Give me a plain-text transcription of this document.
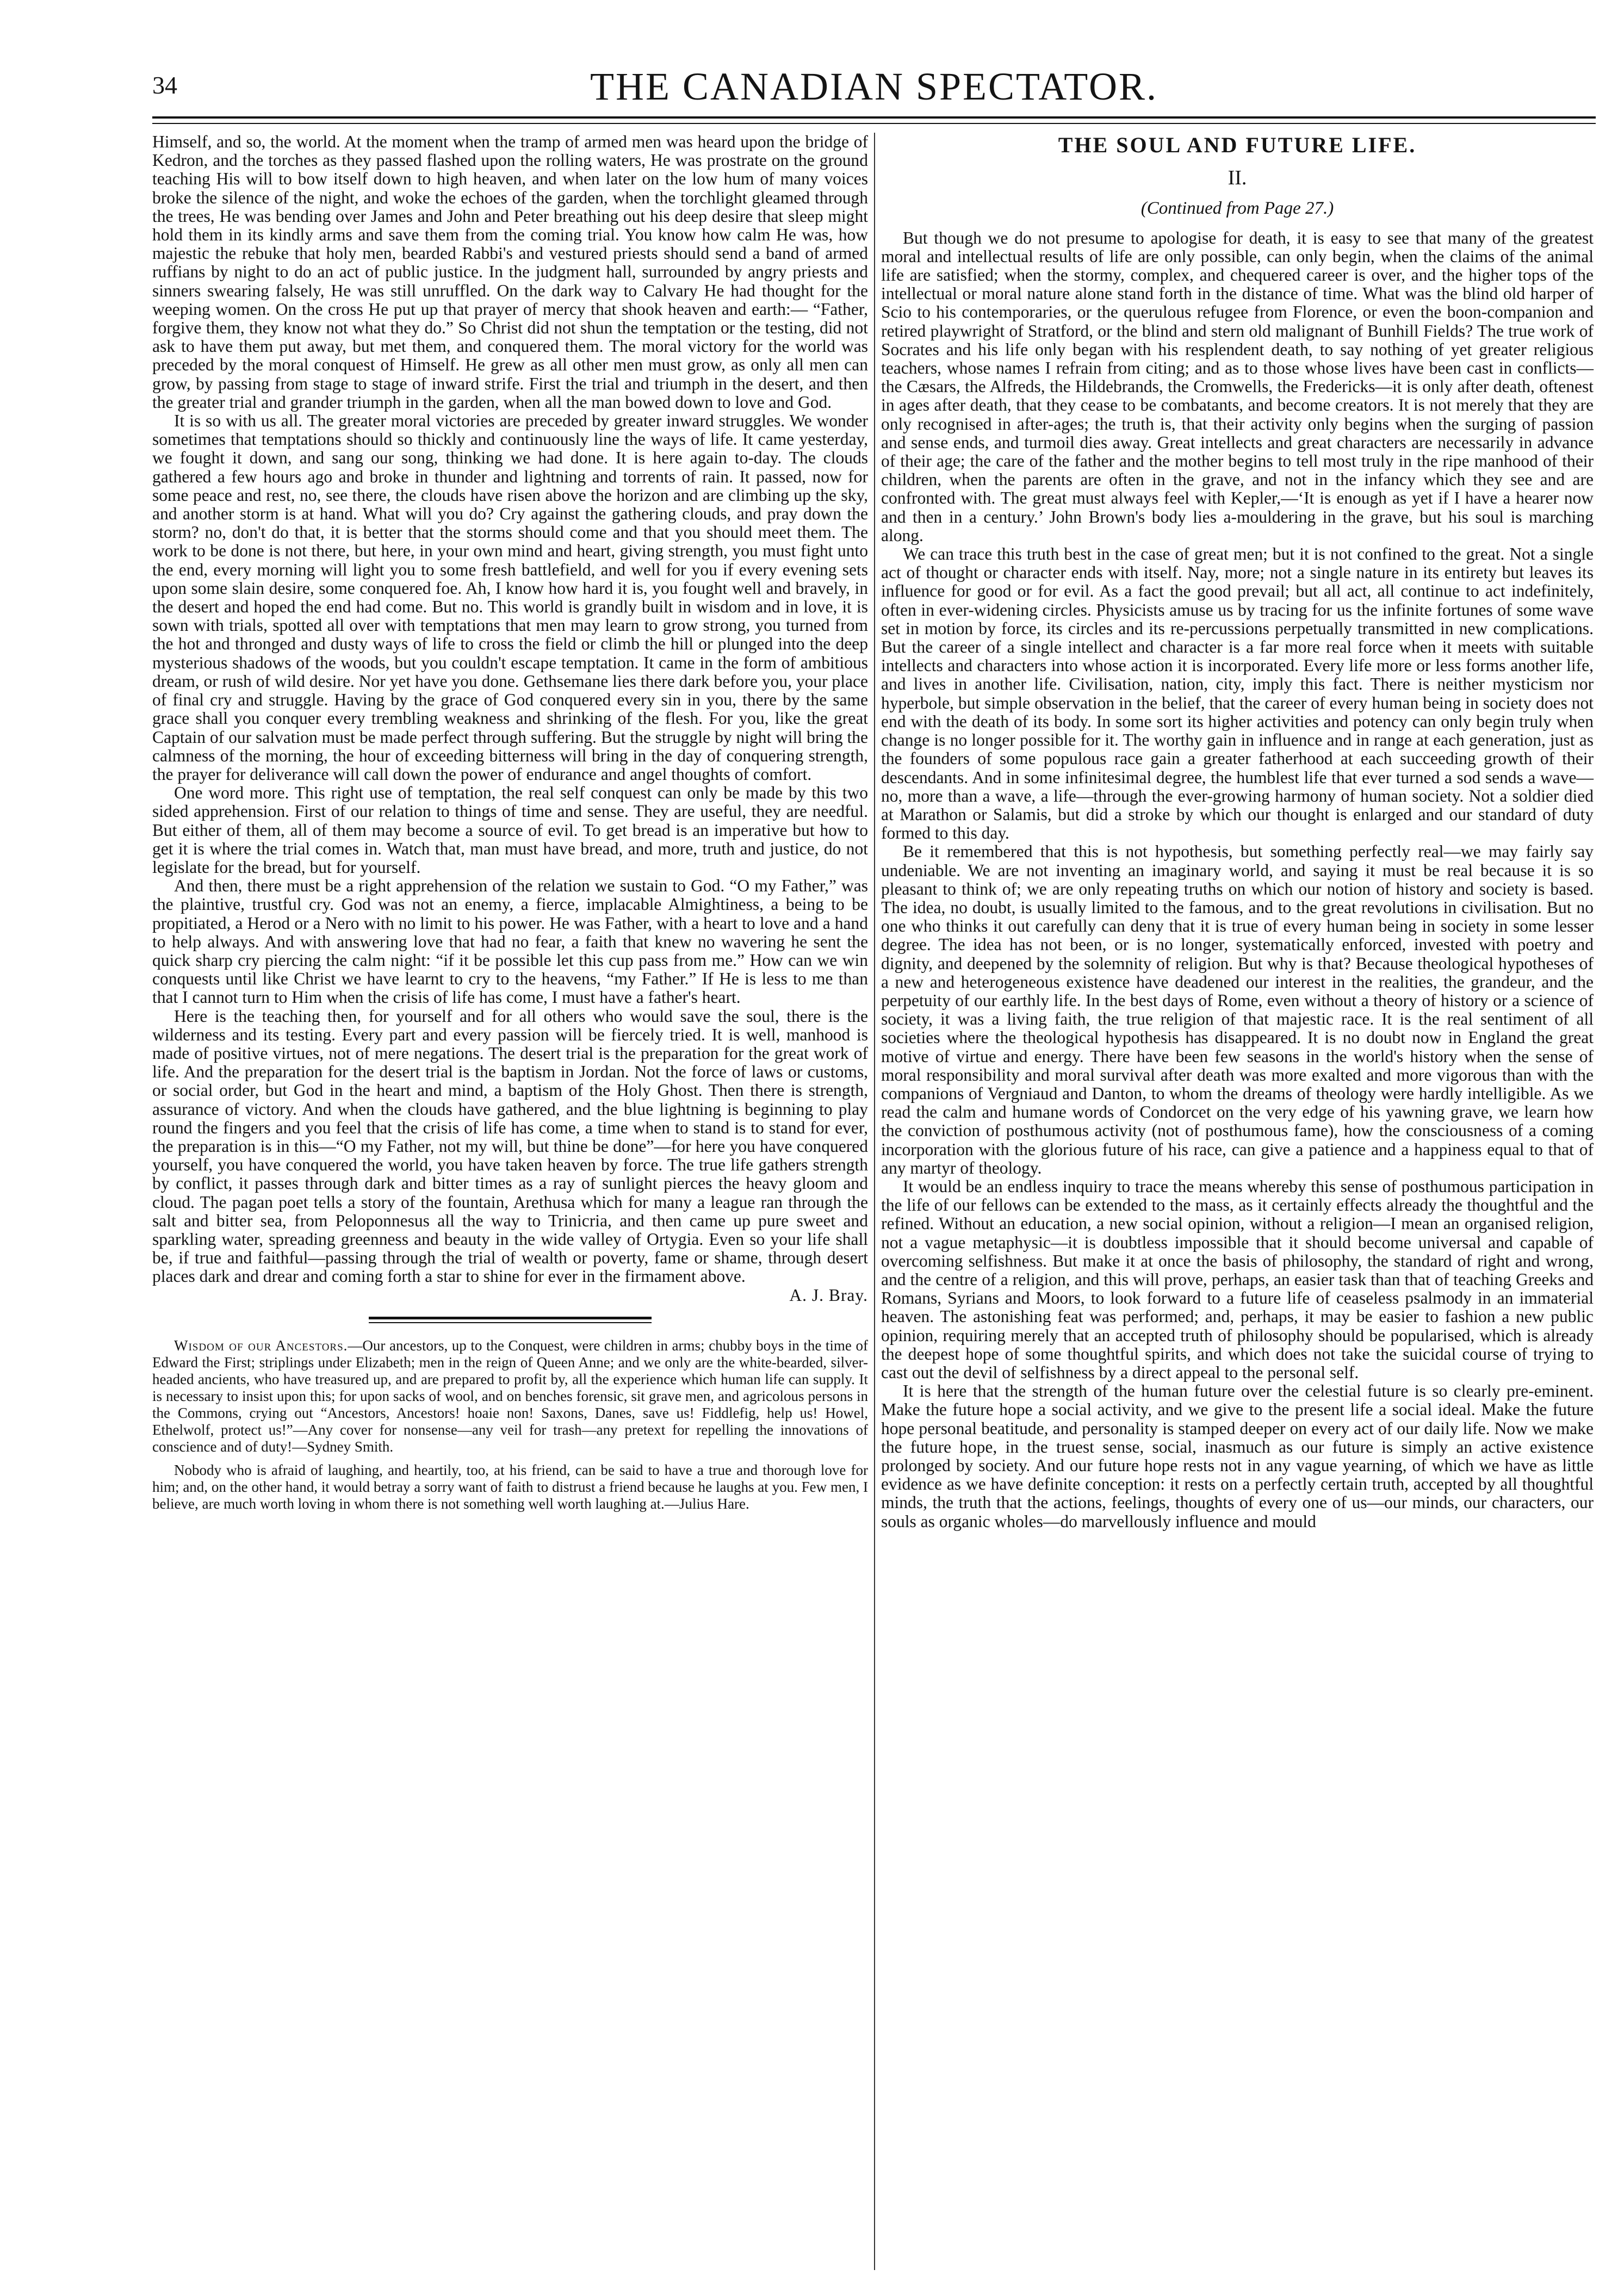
34	THE CANADIAN SPECTATOR.

Himself, and so, the world. At the moment when the tramp of armed men was heard upon the bridge of Kedron, and the torches as they passed flashed upon the rolling waters, He was prostrate on the ground teaching His will to bow itself down to high heaven, and when later on the low hum of many voices broke the silence of the night, and woke the echoes of the garden, when the torchlight gleamed through the trees, He was bending over James and John and Peter breathing out his deep desire that sleep might hold them in its kindly arms and save them from the coming trial. You know how calm He was, how majestic the rebuke that holy men, bearded Rabbi's and vestured priests should send a band of armed ruffians by night to do an act of public justice. In the judgment hall, surrounded by angry priests and sinners swearing falsely, He was still unruffled. On the dark way to Calvary He had thought for the weeping women. On the cross He put up that prayer of mercy that shook heaven and earth:— “Father, forgive them, they know not what they do.” So Christ did not shun the temptation or the testing, did not ask to have them put away, but met them, and conquered them. The moral victory for the world was preceded by the moral conquest of Himself. He grew as all other men must grow, as only all men can grow, by passing from stage to stage of inward strife. First the trial and triumph in the desert, and then the greater trial and grander triumph in the garden, when all the man bowed down to love and God.

It is so with us all. The greater moral victories are preceded by greater inward struggles. We wonder sometimes that temptations should so thickly and continuously line the ways of life. It came yesterday, we fought it down, and sang our song, thinking we had done. It is here again to-day. The clouds gathered a few hours ago and broke in thunder and lightning and torrents of rain. It passed, now for some peace and rest, no, see there, the clouds have risen above the horizon and are climbing up the sky, and another storm is at hand. What will you do? Cry against the gathering clouds, and pray down the storm? no, don't do that, it is better that the storms should come and that you should meet them. The work to be done is not there, but here, in your own mind and heart, giving strength, you must fight unto the end, every morning will light you to some fresh battlefield, and well for you if every evening sets upon some slain desire, some conquered foe. Ah, I know how hard it is, you fought well and bravely, in the desert and hoped the end had come. But no. This world is grandly built in wisdom and in love, it is sown with trials, spotted all over with temptations that men may learn to grow strong, you turned from the hot and thronged and dusty ways of life to cross the field or climb the hill or plunged into the deep mysterious shadows of the woods, but you couldn't escape temptation. It came in the form of ambitious dream, or rush of wild desire. Nor yet have you done. Gethsemane lies there dark before you, your place of final cry and struggle. Having by the grace of God conquered every sin in you, there by the same grace shall you conquer every trembling weakness and shrinking of the flesh. For you, like the great Captain of our salvation must be made perfect through suffering. But the struggle by night will bring the calmness of the morning, the hour of exceeding bitterness will bring in the day of conquering strength, the prayer for deliverance will call down the power of endurance and angel thoughts of comfort.

One word more. This right use of temptation, the real self conquest can only be made by this two sided apprehension. First of our relation to things of time and sense. They are useful, they are needful. But either of them, all of them may become a source of evil. To get bread is an imperative but how to get it is where the trial comes in. Watch that, man must have bread, and more, truth and justice, do not legislate for the bread, but for yourself.

And then, there must be a right apprehension of the relation we sustain to God. “O my Father,” was the plaintive, trustful cry. God was not an enemy, a fierce, implacable Almightiness, a being to be propitiated, a Herod or a Nero with no limit to his power. He was Father, with a heart to love and a hand to help always. And with answering love that had no fear, a faith that knew no wavering he sent the quick sharp cry piercing the calm night: “if it be possible let this cup pass from me.” How can we win conquests until like Christ we have learnt to cry to the heavens, “my Father.” If He is less to me than that I cannot turn to Him when the crisis of life has come, I must have a father's heart.

Here is the teaching then, for yourself and for all others who would save the soul, there is the wilderness and its testing. Every part and every passion will be fiercely tried. It is well, manhood is made of positive virtues, not of mere negations. The desert trial is the preparation for the great work of life. And the preparation for the desert trial is the baptism in Jordan. Not the force of laws or customs, or social order, but God in the heart and mind, a baptism of the Holy Ghost. Then there is strength, assurance of victory. And when the clouds have gathered, and the blue lightning is beginning to play round the fingers and you feel that the crisis of life has come, a time when to stand is to stand for ever, the preparation is in this—“O my Father, not my will, but thine be done”—for here you have conquered yourself, you have conquered the world, you have taken heaven by force. The true life gathers strength by conflict, it passes through dark and bitter times as a ray of sunlight pierces the heavy gloom and cloud. The pagan poet tells a story of the fountain, Arethusa which for many a league ran through the salt and bitter sea, from Peloponnesus all the way to Trinicria, and then came up pure sweet and sparkling water, spreading greenness and beauty in the wide valley of Ortygia. Even so your life shall be, if true and faithful—passing through the trial of wealth or poverty, fame or shame, through desert places dark and drear and coming forth a star to shine for ever in the firmament above.

A. J. Bray.

Wisdom of our Ancestors.—Our ancestors, up to the Conquest, were children in arms; chubby boys in the time of Edward the First; striplings under Elizabeth; men in the reign of Queen Anne; and we only are the white-bearded, silver-headed ancients, who have treasured up, and are prepared to profit by, all the experience which human life can supply. It is necessary to insist upon this; for upon sacks of wool, and on benches forensic, sit grave men, and agricolous persons in the Commons, crying out “Ancestors, Ancestors! hoaie non! Saxons, Danes, save us! Fiddlefig, help us! Howel, Ethelwolf, protect us!”—Any cover for nonsense—any veil for trash—any pretext for repelling the innovations of conscience and of duty!—Sydney Smith.

Nobody who is afraid of laughing, and heartily, too, at his friend, can be said to have a true and thorough love for him; and, on the other hand, it would betray a sorry want of faith to distrust a friend because he laughs at you. Few men, I believe, are much worth loving in whom there is not something well worth laughing at.—Julius Hare.

THE SOUL AND FUTURE LIFE.
II.
(Continued from Page 27.)

But though we do not presume to apologise for death, it is easy to see that many of the greatest moral and intellectual results of life are only possible, can only begin, when the claims of the animal life are satisfied; when the stormy, complex, and chequered career is over, and the higher tops of the intellectual or moral nature alone stand forth in the distance of time. What was the blind old harper of Scio to his contemporaries, or the querulous refugee from Florence, or even the boon-companion and retired playwright of Stratford, or the blind and stern old malignant of Bunhill Fields? The true work of Socrates and his life only began with his resplendent death, to say nothing of yet greater religious teachers, whose names I refrain from citing; and as to those whose lives have been cast in conflicts—the Cæsars, the Alfreds, the Hildebrands, the Cromwells, the Fredericks—it is only after death, oftenest in ages after death, that they cease to be combatants, and become creators. It is not merely that they are only recognised in after-ages; the truth is, that their activity only begins when the surging of passion and sense ends, and turmoil dies away. Great intellects and great characters are necessarily in advance of their age; the care of the father and the mother begins to tell most truly in the ripe manhood of their children, when the parents are often in the grave, and not in the infancy which they see and are confronted with. The great must always feel with Kepler,—‘It is enough as yet if I have a hearer now and then in a century.’ John Brown's body lies a-mouldering in the grave, but his soul is marching along.

We can trace this truth best in the case of great men; but it is not confined to the great. Not a single act of thought or character ends with itself. Nay, more; not a single nature in its entirety but leaves its influence for good or for evil. As a fact the good prevail; but all act, all continue to act indefinitely, often in ever-widening circles. Physicists amuse us by tracing for us the infinite fortunes of some wave set in motion by force, its circles and its re-percussions perpetually transmitted in new complications. But the career of a single intellect and character is a far more real force when it meets with suitable intellects and characters into whose action it is incorporated. Every life more or less forms another life, and lives in another life. Civilisation, nation, city, imply this fact. There is neither mysticism nor hyperbole, but simple observation in the belief, that the career of every human being in society does not end with the death of its body. In some sort its higher activities and potency can only begin truly when change is no longer possible for it. The worthy gain in influence and in range at each generation, just as the founders of some populous race gain a greater fatherhood at each succeeding growth of their descendants. And in some infinitesimal degree, the humblest life that ever turned a sod sends a wave—no, more than a wave, a life—through the ever-growing harmony of human society. Not a soldier died at Marathon or Salamis, but did a stroke by which our thought is enlarged and our standard of duty formed to this day.

Be it remembered that this is not hypothesis, but something perfectly real—we may fairly say undeniable. We are not inventing an imaginary world, and saying it must be real because it is so pleasant to think of; we are only repeating truths on which our notion of history and society is based. The idea, no doubt, is usually limited to the famous, and to the great revolutions in civilisation. But no one who thinks it out carefully can deny that it is true of every human being in society in some lesser degree. The idea has not been, or is no longer, systematically enforced, invested with poetry and dignity, and deepened by the solemnity of religion. But why is that? Because theological hypotheses of a new and heterogeneous existence have deadened our interest in the realities, the grandeur, and the perpetuity of our earthly life. In the best days of Rome, even without a theory of history or a science of society, it was a living faith, the true religion of that majestic race. It is the real sentiment of all societies where the theological hypothesis has disappeared. It is no doubt now in England the great motive of virtue and energy. There have been few seasons in the world's history when the sense of moral responsibility and moral survival after death was more exalted and more vigorous than with the companions of Vergniaud and Danton, to whom the dreams of theology were hardly intelligible. As we read the calm and humane words of Condorcet on the very edge of his yawning grave, we learn how the conviction of posthumous activity (not of posthumous fame), how the consciousness of a coming incorporation with the glorious future of his race, can give a patience and a happiness equal to that of any martyr of theology.

It would be an endless inquiry to trace the means whereby this sense of posthumous participation in the life of our fellows can be extended to the mass, as it certainly effects already the thoughtful and the refined. Without an education, a new social opinion, without a religion—I mean an organised religion, not a vague metaphysic—it is doubtless impossible that it should become universal and capable of overcoming selfishness. But make it at once the basis of philosophy, the standard of right and wrong, and the centre of a religion, and this will prove, perhaps, an easier task than that of teaching Greeks and Romans, Syrians and Moors, to look forward to a future life of ceaseless psalmody in an immaterial heaven. The astonishing feat was performed; and, perhaps, it may be easier to fashion a new public opinion, requiring merely that an accepted truth of philosophy should be popularised, which is already the deepest hope of some thoughtful spirits, and which does not take the suicidal course of trying to cast out the devil of selfishness by a direct appeal to the personal self.

It is here that the strength of the human future over the celestial future is so clearly pre-eminent. Make the future hope a social activity, and we give to the present life a social ideal. Make the future hope personal beatitude, and personality is stamped deeper on every act of our daily life. Now we make the future hope, in the truest sense, social, inasmuch as our future is simply an active existence prolonged by society. And our future hope rests not in any vague yearning, of which we have as little evidence as we have definite conception: it rests on a perfectly certain truth, accepted by all thoughtful minds, the truth that the actions, feelings, thoughts of every one of us—our minds, our characters, our souls as organic wholes—do marvellously influence and mould
